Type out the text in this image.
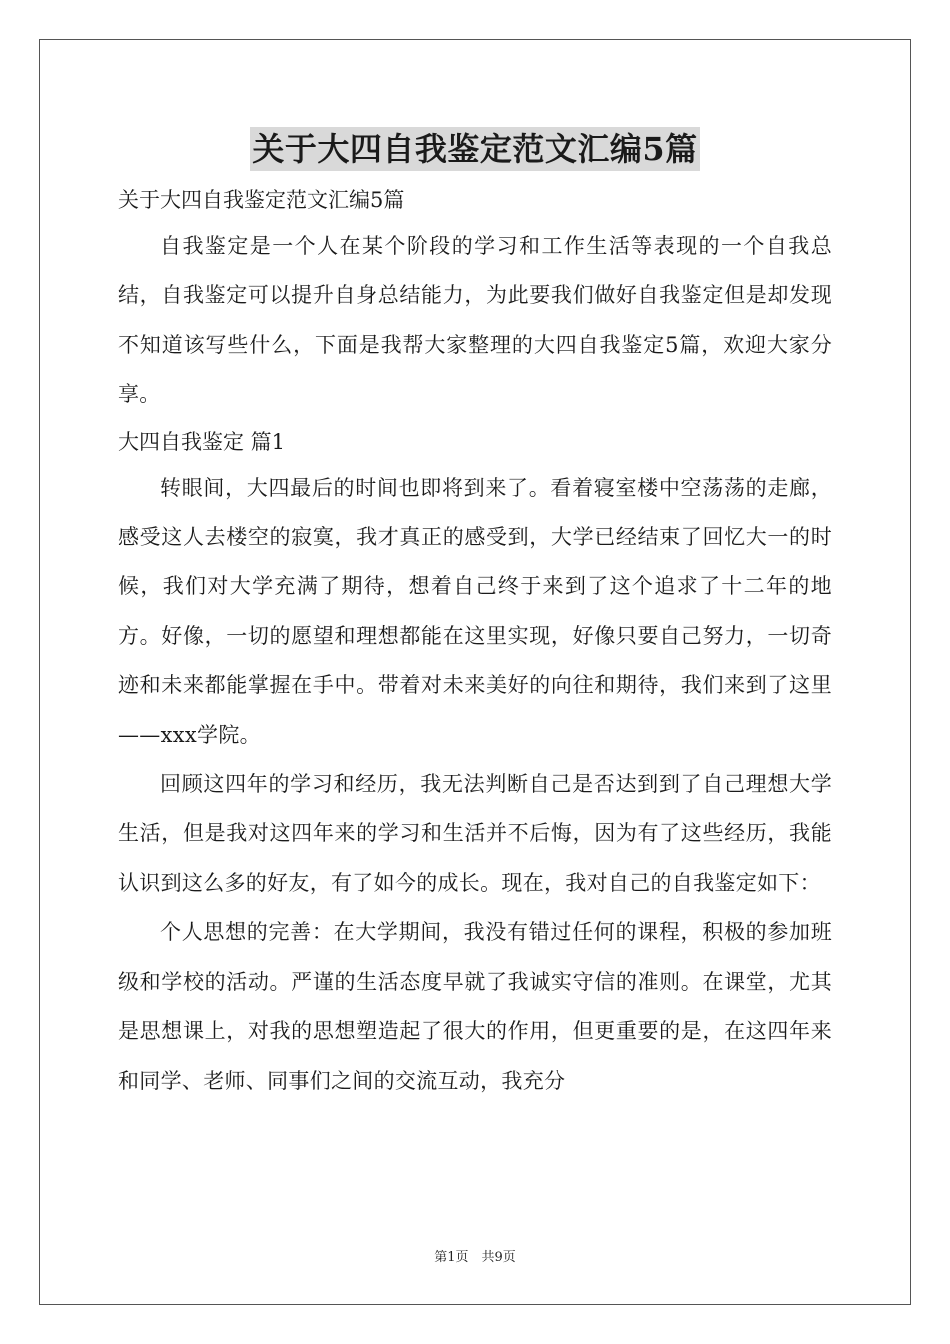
关于大四自我鉴定范文汇编5篇

关于大四自我鉴定范文汇编5篇

自我鉴定是一个人在某个阶段的学习和工作生活等表现的一个自我总结，自我鉴定可以提升自身总结能力，为此要我们做好自我鉴定但是却发现不知道该写些什么，下面是我帮大家整理的大四自我鉴定5篇，欢迎大家分享。

大四自我鉴定 篇1

转眼间，大四最后的时间也即将到来了。看着寝室楼中空荡荡的走廊，感受这人去楼空的寂寞，我才真正的感受到，大学已经结束了回忆大一的时候，我们对大学充满了期待，想着自己终于来到了这个追求了十二年的地方。好像，一切的愿望和理想都能在这里实现，好像只要自己努力，一切奇迹和未来都能掌握在手中。带着对未来美好的向往和期待，我们来到了这里——xxx学院。

回顾这四年的学习和经历，我无法判断自己是否达到到了自己理想大学生活，但是我对这四年来的学习和生活并不后悔，因为有了这些经历，我能认识到这么多的好友，有了如今的成长。现在，我对自己的自我鉴定如下：

个人思想的完善：在大学期间，我没有错过任何的课程，积极的参加班级和学校的活动。严谨的生活态度早就了我诚实守信的准则。在课堂，尤其是思想课上，对我的思想塑造起了很大的作用，但更重要的是，在这四年来和同学、老师、同事们之间的交流互动，我充分

第1页　共9页
